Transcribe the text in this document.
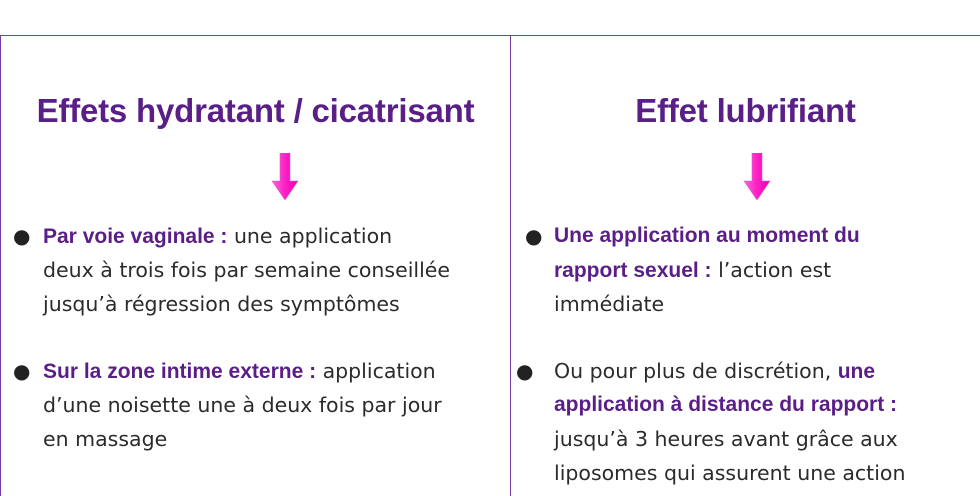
Effets hydratant / cicatrisant
● Par voie vaginale : une application
deux à trois fois par semaine conseillée
jusqu’à régression des symptômes
● Sur la zone intime externe : application
d’une noisette une à deux fois par jour
en massage
Effet lubrifiant
● Une application au moment du
rapport sexuel : l’action est
immédiate
● Ou pour plus de discrétion, une
application à distance du rapport :
jusqu’à 3 heures avant grâce aux
liposomes qui assurent une action
